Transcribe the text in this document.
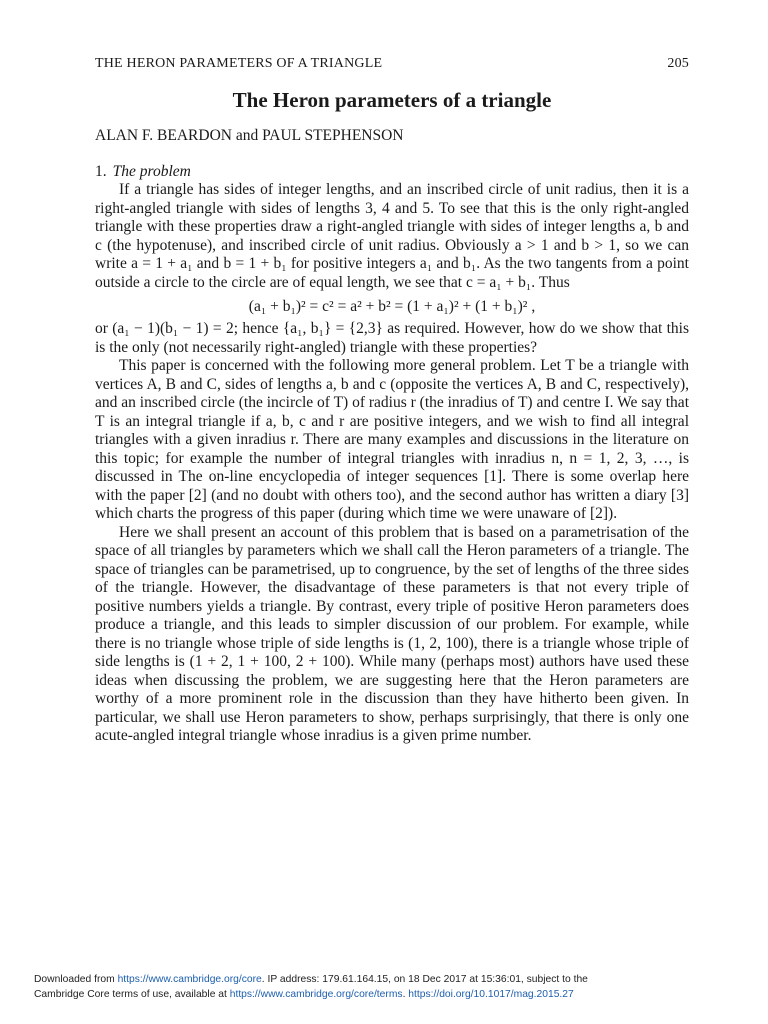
THE HERON PARAMETERS OF A TRIANGLE	205
The Heron parameters of a triangle
ALAN F. BEARDON and PAUL STEPHENSON
1. The problem

If a triangle has sides of integer lengths, and an inscribed circle of unit radius, then it is a right-angled triangle with sides of lengths 3, 4 and 5. To see that this is the only right-angled triangle with these properties draw a right-angled triangle with sides of integer lengths a, b and c (the hypotenuse), and inscribed circle of unit radius. Obviously a > 1 and b > 1, so we can write a = 1 + a₁ and b = 1 + b₁ for positive integers a₁ and b₁. As the two tangents from a point outside a circle to the circle are of equal length, we see that c = a₁ + b₁. Thus

(a₁ + b₁)² = c² = a² + b² = (1 + a₁)² + (1 + b₁)² ,

or (a₁ − 1)(b₁ − 1) = 2; hence {a₁, b₁} = {2,3} as required. However, how do we show that this is the only (not necessarily right-angled) triangle with these properties?

This paper is concerned with the following more general problem. Let T be a triangle with vertices A, B and C, sides of lengths a, b and c (opposite the vertices A, B and C, respectively), and an inscribed circle (the incircle of T) of radius r (the inradius of T) and centre I. We say that T is an integral triangle if a, b, c and r are positive integers, and we wish to find all integral triangles with a given inradius r. There are many examples and discussions in the literature on this topic; for example the number of integral triangles with inradius n, n = 1, 2, 3, …, is discussed in The on-line encyclopedia of integer sequences [1]. There is some overlap here with the paper [2] (and no doubt with others too), and the second author has written a diary [3] which charts the progress of this paper (during which time we were unaware of [2]).

Here we shall present an account of this problem that is based on a parametrisation of the space of all triangles by parameters which we shall call the Heron parameters of a triangle. The space of triangles can be parametrised, up to congruence, by the set of lengths of the three sides of the triangle. However, the disadvantage of these parameters is that not every triple of positive numbers yields a triangle. By contrast, every triple of positive Heron parameters does produce a triangle, and this leads to simpler discussion of our problem. For example, while there is no triangle whose triple of side lengths is (1, 2, 100), there is a triangle whose triple of side lengths is (1 + 2, 1 + 100, 2 + 100). While many (perhaps most) authors have used these ideas when discussing the problem, we are suggesting here that the Heron parameters are worthy of a more prominent role in the discussion than they have hitherto been given. In particular, we shall use Heron parameters to show, perhaps surprisingly, that there is only one acute-angled integral triangle whose inradius is a given prime number.

Downloaded from https://www.cambridge.org/core. IP address: 179.61.164.15, on 18 Dec 2017 at 15:36:01, subject to the
Cambridge Core terms of use, available at https://www.cambridge.org/core/terms. https://doi.org/10.1017/mag.2015.27
